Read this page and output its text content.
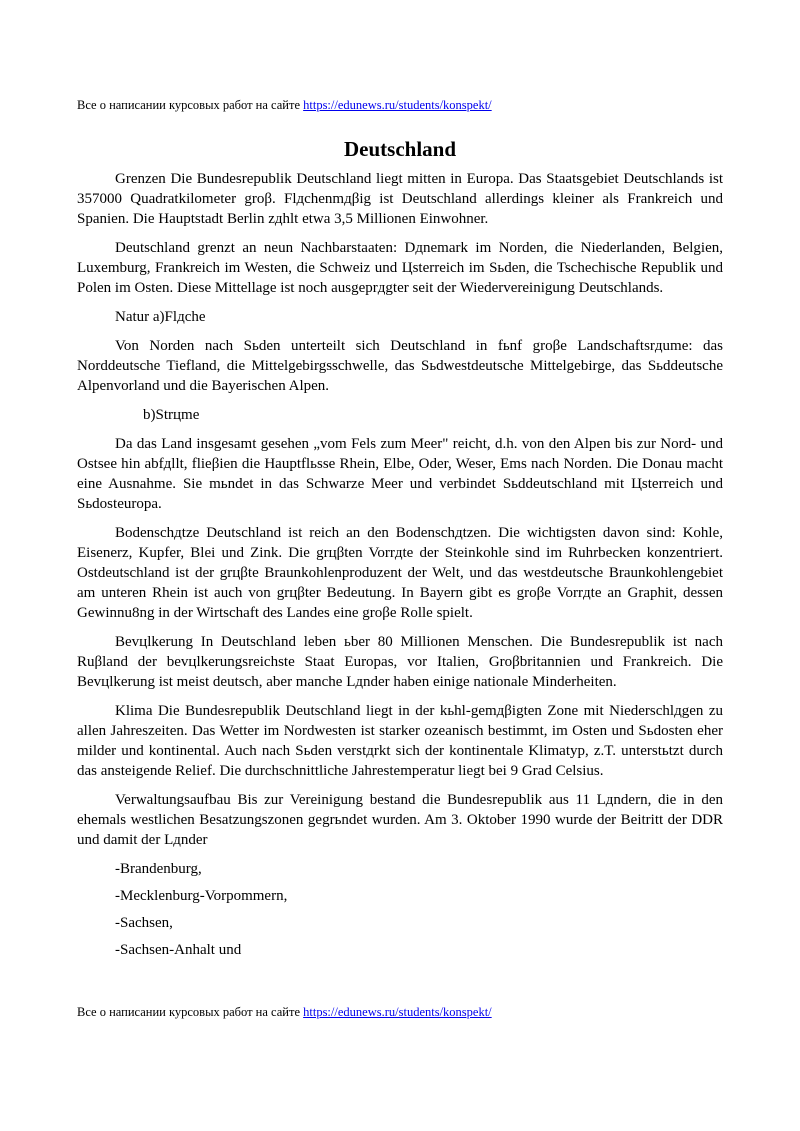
Все о написании курсовых работ на сайте https://edunews.ru/students/konspekt/
Deutschland

Grenzen Die Bundesrepublik Deutschland liegt mitten in Europa. Das Staatsgebiet Deutschlands ist 357000 Quadratkilometer groβ. Flдchenmдβig ist Deutschland allerdings kleiner als Frankreich und Spanien. Die Hauptstadt Berlin zдhlt etwa 3,5 Millionen Einwohner.

Deutschland grenzt an neun Nachbarstaaten: Dдnemark im Norden, die Niederlanden, Belgien, Luxemburg, Frankreich im Westen, die Schweiz und Цsterreich im Sьden, die Tschechische Republik und Polen im Osten. Diese Mittellage ist noch ausgeprдgter seit der Wiedervereinigung Deutschlands.

Natur a)Flдche

Von Norden nach Sьden unterteilt sich Deutschland in fьnf groβe Landschaftsrдume: das Norddeutsche Tiefland, die Mittelgebirgsschwelle, das Sьdwestdeutsche Mittelgebirge, das Sьddeutsche Alpenvorland und die Bayerischen Alpen.

b)Strцme

Da das Land insgesamt gesehen „vom Fels zum Meer" reicht, d.h. von den Alpen bis zur Nord- und Ostsee hin abfдllt, flieβien die Hauptflьsse Rhein, Elbe, Oder, Weser, Ems nach Norden. Die Donau macht eine Ausnahme. Sie mьndet in das Schwarze Meer und verbindet Sьddeutschland mit Цsterreich und Sьdosteuropa.

Bodenschдtze Deutschland ist reich an den Bodenschдtzen. Die wichtigsten davon sind: Kohle, Eisenerz, Kupfer, Blei und Zink. Die grцβten Vorrдte der Steinkohle sind im Ruhrbecken konzentriert. Ostdeutschland ist der grцβte Braunkohlenproduzent der Welt, und das westdeutsche Braunkohlengebiet am unteren Rhein ist auch von grцβter Bedeutung. In Bayern gibt es groβe Vorrдte an Graphit, dessen Gewinnu8ng in der Wirtschaft des Landes eine groβe Rolle spielt.

Bevцlkerung In Deutschland leben ьber 80 Millionen Menschen. Die Bundesrepublik ist nach Ruβland der bevцlkerungsreichste Staat Europas, vor Italien, Groβbritannien und Frankreich. Die Bevцlkerung ist meist deutsch, aber manche Lдnder haben einige nationale Minderheiten.

Klima Die Bundesrepublik Deutschland liegt in der kьhl-gemдβigten Zone mit Niederschlдgen zu allen Jahreszeiten. Das Wetter im Nordwesten ist starker ozeanisch bestimmt, im Osten und Sьdosten eher milder und kontinental. Auch nach Sьden verstдrkt sich der kontinentale Klimatyp, z.T. unterstьtzt durch das ansteigende Relief. Die durchschnittliche Jahrestemperatur liegt bei 9 Grad Celsius.

Verwaltungsaufbau Bis zur Vereinigung bestand die Bundesrepublik aus 11 Lдndern, die in den ehemals westlichen Besatzungszonen gegrьndet wurden. Am 3. Oktober 1990 wurde der Beitritt der DDR und damit der Lдnder

-Brandenburg,
-Mecklenburg-Vorpommern,
-Sachsen,
-Sachsen-Anhalt und
Все о написании курсовых работ на сайте https://edunews.ru/students/konspekt/
